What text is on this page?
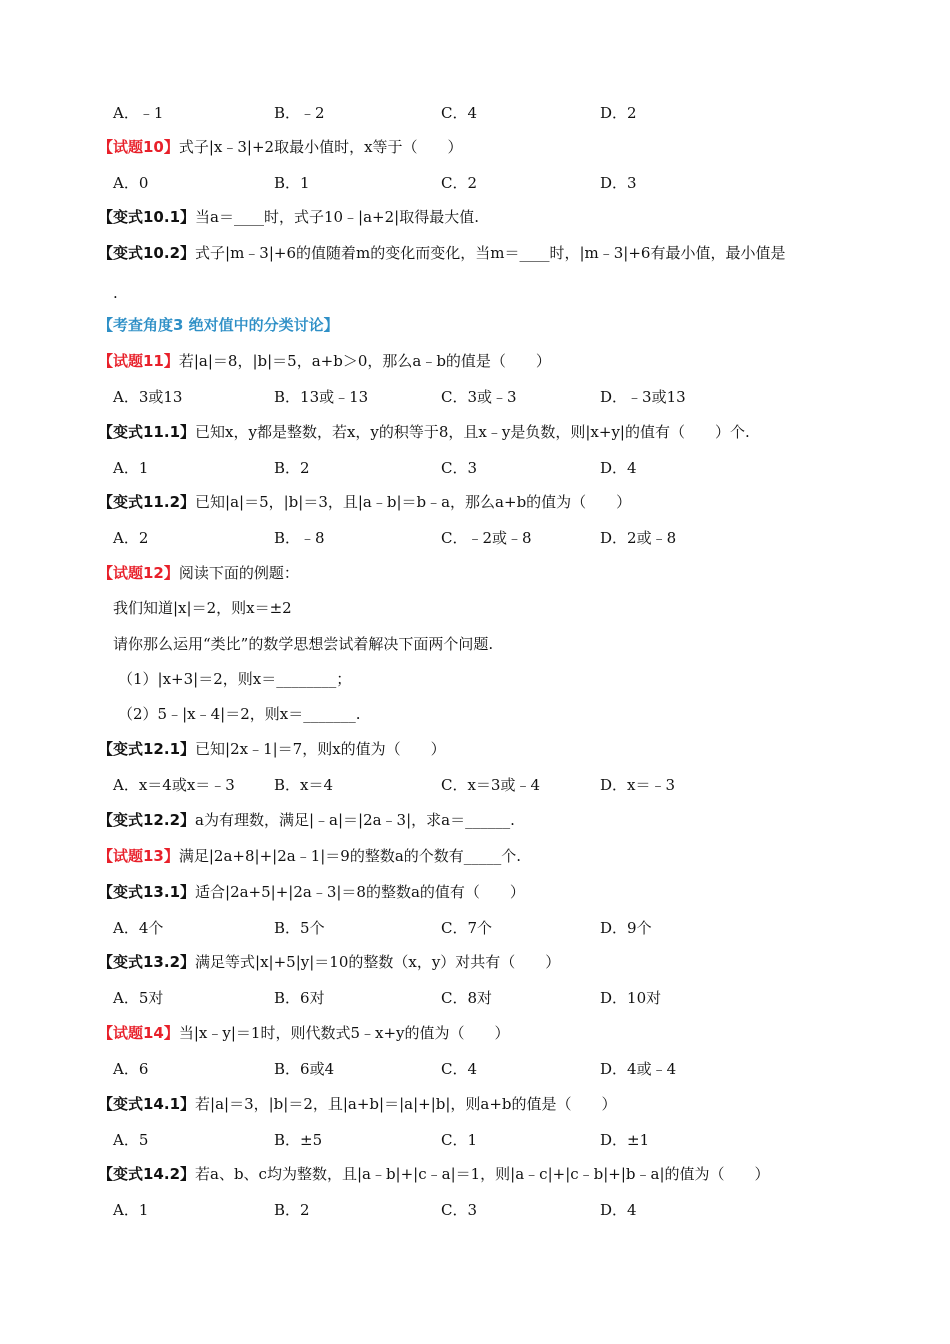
A．﹣1	B．﹣2	C．4	D．2
【试题10】式子|x﹣3|+2取最小值时，x等于（　　）
A．0	B．1	C．2	D．3
【变式10.1】当a＝____时，式子10﹣|a+2|取得最大值.
【变式10.2】式子|m﹣3|+6的值随着m的变化而变化，当m＝____时，|m﹣3|+6有最小值，最小值是
.
【考查角度3 绝对值中的分类讨论】
【试题11】若|a|＝8，|b|＝5，a+b＞0，那么a﹣b的值是（　　）
A．3或13	B．13或﹣13	C．3或﹣3	D．﹣3或13
【变式11.1】已知x，y都是整数，若x，y的积等于8，且x﹣y是负数，则|x+y|的值有（　　）个.
A．1	B．2	C．3	D．4
【变式11.2】已知|a|＝5，|b|＝3，且|a﹣b|＝b﹣a，那么a+b的值为（　　）
A．2	B．﹣8	C．﹣2或﹣8	D．2或﹣8
【试题12】阅读下面的例题：
我们知道|x|＝2，则x＝±2
请你那么运用“类比”的数学思想尝试着解决下面两个问题.
（1）|x+3|＝2，则x＝________；
（2）5﹣|x﹣4|＝2，则x＝_______.
【变式12.1】已知|2x﹣1|＝7，则x的值为（　　）
A．x＝4或x＝﹣3	B．x＝4	C．x＝3或﹣4	D．x＝﹣3
【变式12.2】a为有理数，满足|﹣a|＝|2a﹣3|，求a＝______.
【试题13】满足|2a+8|+|2a﹣1|＝9的整数a的个数有_____个.
【变式13.1】适合|2a+5|+|2a﹣3|＝8的整数a的值有（　　）
A．4个	B．5个	C．7个	D．9个
【变式13.2】满足等式|x|+5|y|＝10的整数（x，y）对共有（　　）
A．5对	B．6对	C．8对	D．10对
【试题14】当|x﹣y|＝1时，则代数式5﹣x+y的值为（　　）
A．6	B．6或4	C．4	D．4或﹣4
【变式14.1】若|a|＝3，|b|＝2，且|a+b|＝|a|+|b|，则a+b的值是（　　）
A．5	B．±5	C．1	D．±1
【变式14.2】若a、b、c均为整数，且|a﹣b|+|c﹣a|＝1，则|a﹣c|+|c﹣b|+|b﹣a|的值为（　　）
A．1	B．2	C．3	D．4
